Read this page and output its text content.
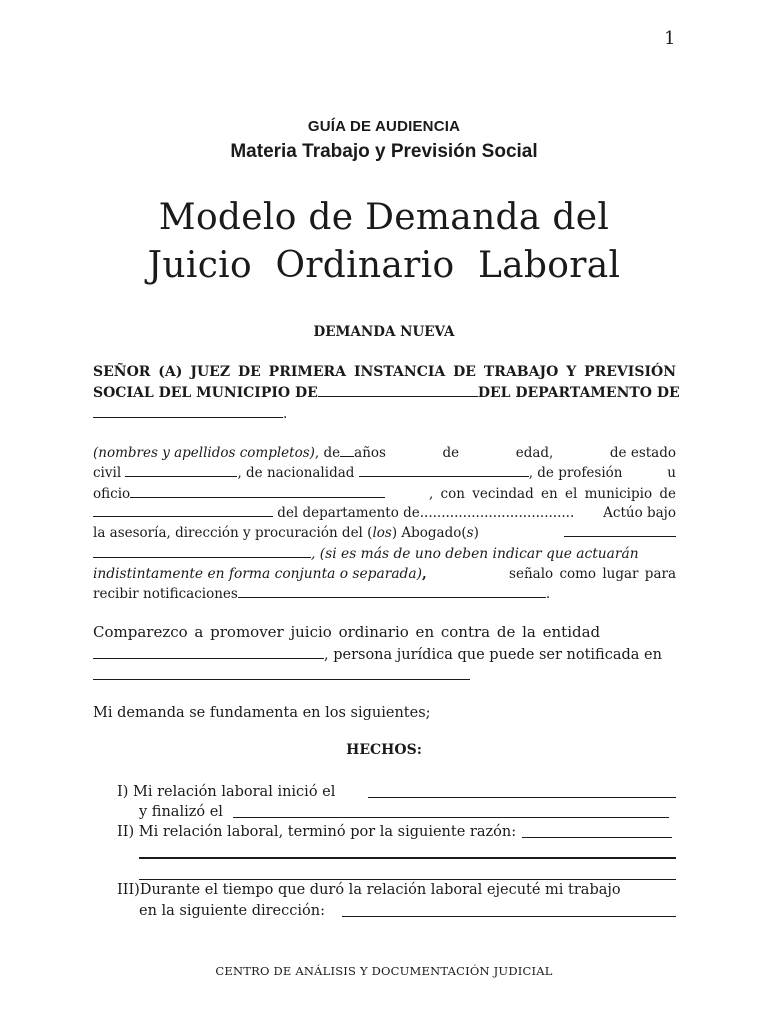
1
GUÍA DE AUDIENCIA
Materia Trabajo y Previsión Social
Modelo de Demanda del
Juicio  Ordinario  Laboral
DEMANDA NUEVA
SEÑOR (A) JUEZ DE PRIMERA INSTANCIA DE TRABAJO Y PREVISIÓN
SOCIAL DEL MUNICIPIO DE	DEL DEPARTAMENTO DE
.
(nombres y apellidos completos), de años	de	edad,	de estado
civil	, de nacionalidad	, de profesión	u
oficio	, con vecindad en el municipio de
del departamento de.................................... Actúo bajo
la asesoría, dirección y procuración del (los) Abogado(s)
, (si es más de uno deben indicar que actuarán
indistintamente en forma conjunta o separada),	señalo como lugar para
recibir notificaciones	.
Comparezco a promover juicio ordinario en contra de la entidad
, persona jurídica que puede ser notificada en
Mi demanda se fundamenta en los siguientes;
HECHOS:
I) Mi relación laboral inició el
y finalizó el
II) Mi relación laboral, terminó por la siguiente razón:
III)Durante el tiempo que duró la relación laboral ejecuté mi trabajo
en la siguiente dirección:
CENTRO DE ANÁLISIS Y DOCUMENTACIÓN JUDICIAL
